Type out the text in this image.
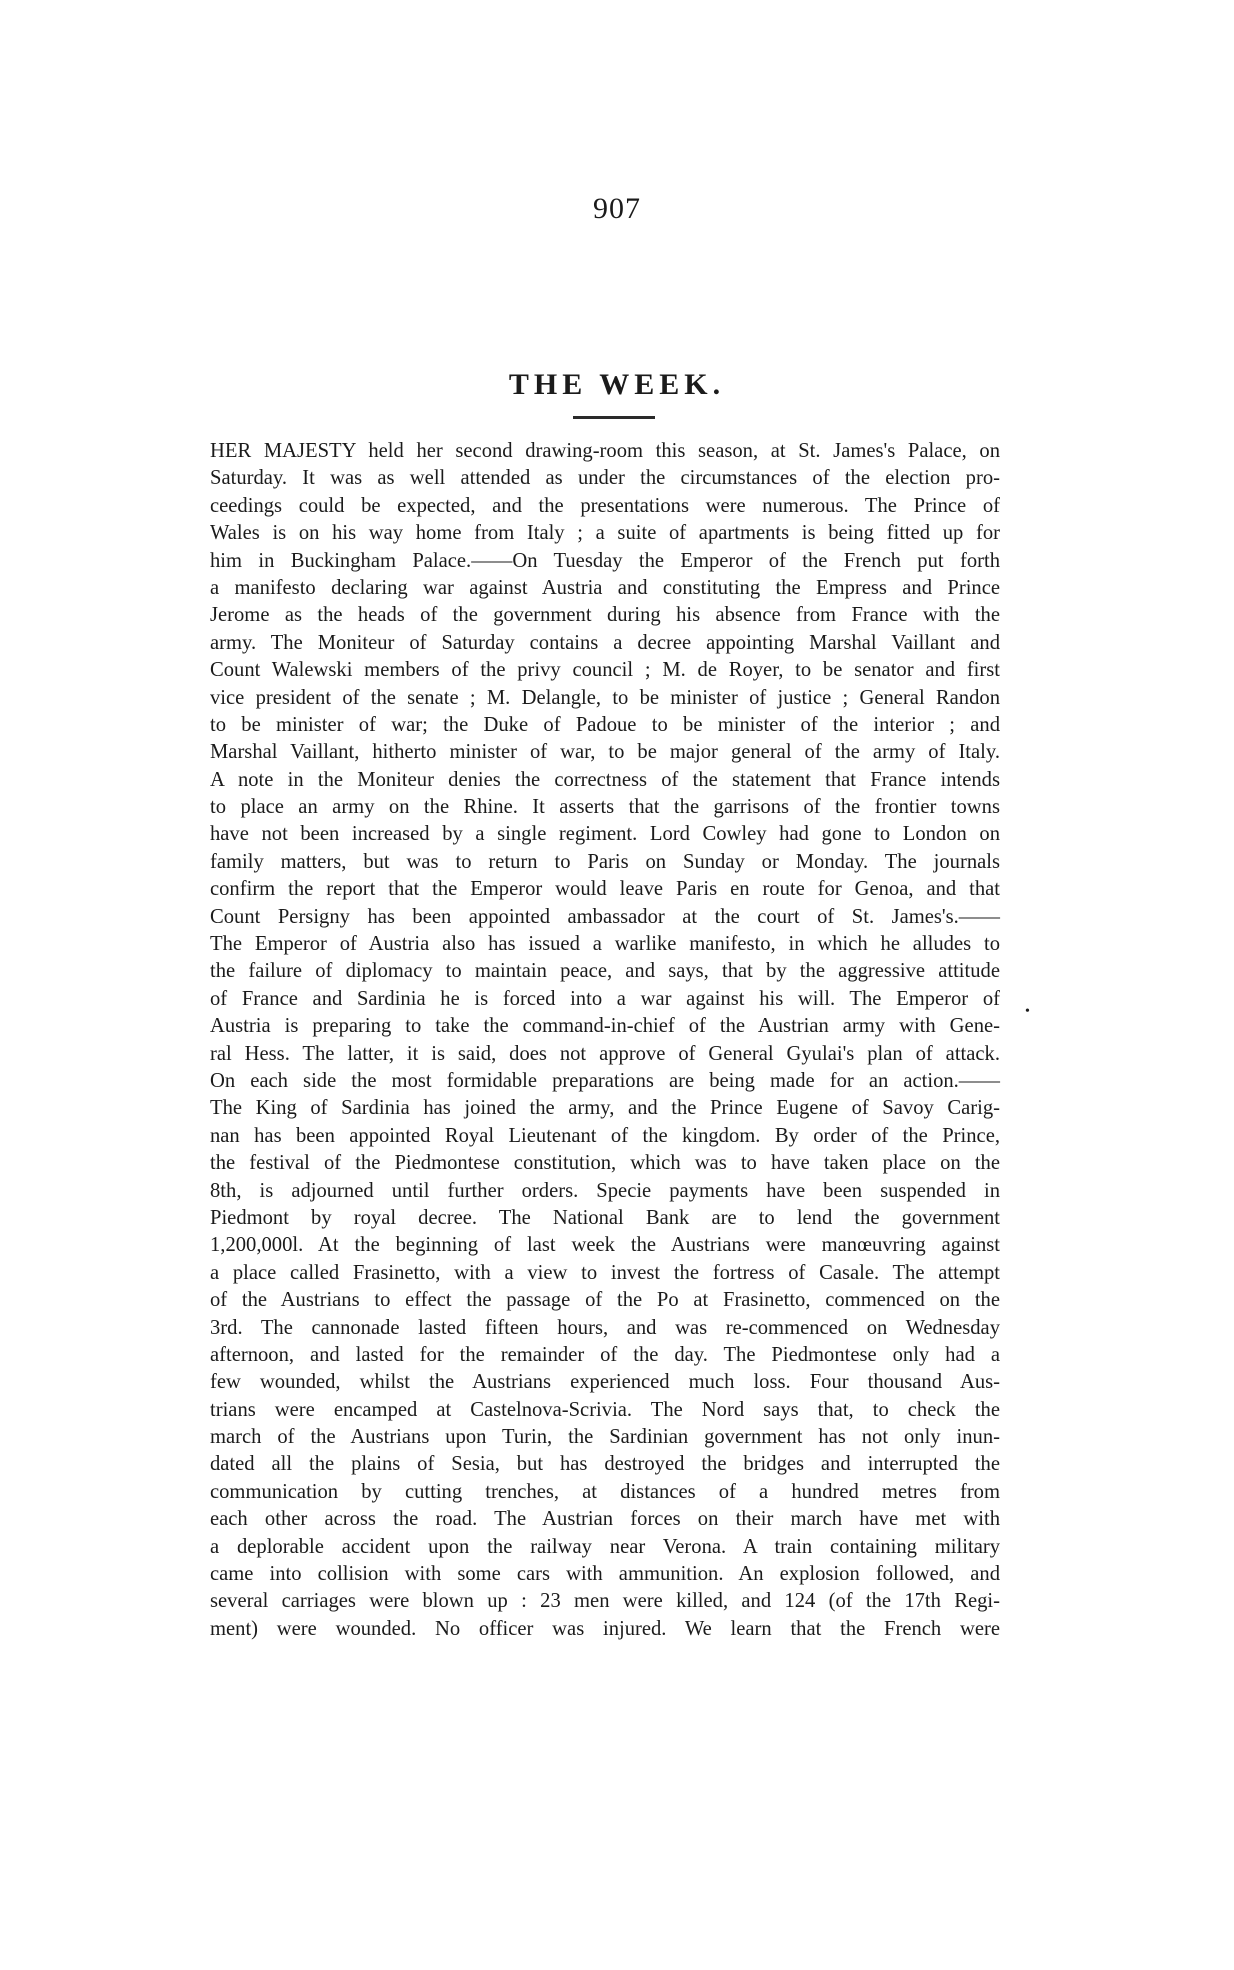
907
THE WEEK.
HER MAJESTY held her second drawing-room this season, at St. James's Palace, on
Saturday. It was as well attended as under the circumstances of the election pro-
ceedings could be expected, and the presentations were numerous. The Prince of
Wales is on his way home from Italy ; a suite of apartments is being fitted up for
him in Buckingham Palace.——On Tuesday the Emperor of the French put forth
a manifesto declaring war against Austria and constituting the Empress and Prince
Jerome as the heads of the government during his absence from France with the
army. The Moniteur of Saturday contains a decree appointing Marshal Vaillant and
Count Walewski members of the privy council ; M. de Royer, to be senator and first
vice president of the senate ; M. Delangle, to be minister of justice ; General Randon
to be minister of war; the Duke of Padoue to be minister of the interior ; and
Marshal Vaillant, hitherto minister of war, to be major general of the army of Italy.
A note in the Moniteur denies the correctness of the statement that France intends
to place an army on the Rhine. It asserts that the garrisons of the frontier towns
have not been increased by a single regiment. Lord Cowley had gone to London on
family matters, but was to return to Paris on Sunday or Monday. The journals
confirm the report that the Emperor would leave Paris en route for Genoa, and that
Count Persigny has been appointed ambassador at the court of St. James's.——
The Emperor of Austria also has issued a warlike manifesto, in which he alludes to
the failure of diplomacy to maintain peace, and says, that by the aggressive attitude
of France and Sardinia he is forced into a war against his will. The Emperor of
Austria is preparing to take the command-in-chief of the Austrian army with Gene-
ral Hess. The latter, it is said, does not approve of General Gyulai's plan of attack.
On each side the most formidable preparations are being made for an action.——
The King of Sardinia has joined the army, and the Prince Eugene of Savoy Carig-
nan has been appointed Royal Lieutenant of the kingdom. By order of the Prince,
the festival of the Piedmontese constitution, which was to have taken place on the
8th, is adjourned until further orders. Specie payments have been suspended in
Piedmont by royal decree. The National Bank are to lend the government
1,200,000l. At the beginning of last week the Austrians were manœuvring against
a place called Frasinetto, with a view to invest the fortress of Casale. The attempt
of the Austrians to effect the passage of the Po at Frasinetto, commenced on the
3rd. The cannonade lasted fifteen hours, and was re-commenced on Wednesday
afternoon, and lasted for the remainder of the day. The Piedmontese only had a
few wounded, whilst the Austrians experienced much loss. Four thousand Aus-
trians were encamped at Castelnova-Scrivia. The Nord says that, to check the
march of the Austrians upon Turin, the Sardinian government has not only inun-
dated all the plains of Sesia, but has destroyed the bridges and interrupted the
communication by cutting trenches, at distances of a hundred metres from
each other across the road. The Austrian forces on their march have met with
a deplorable accident upon the railway near Verona. A train containing military
came into collision with some cars with ammunition. An explosion followed, and
several carriages were blown up : 23 men were killed, and 124 (of the 17th Regi-
ment) were wounded. No officer was injured. We learn that the French were
•
